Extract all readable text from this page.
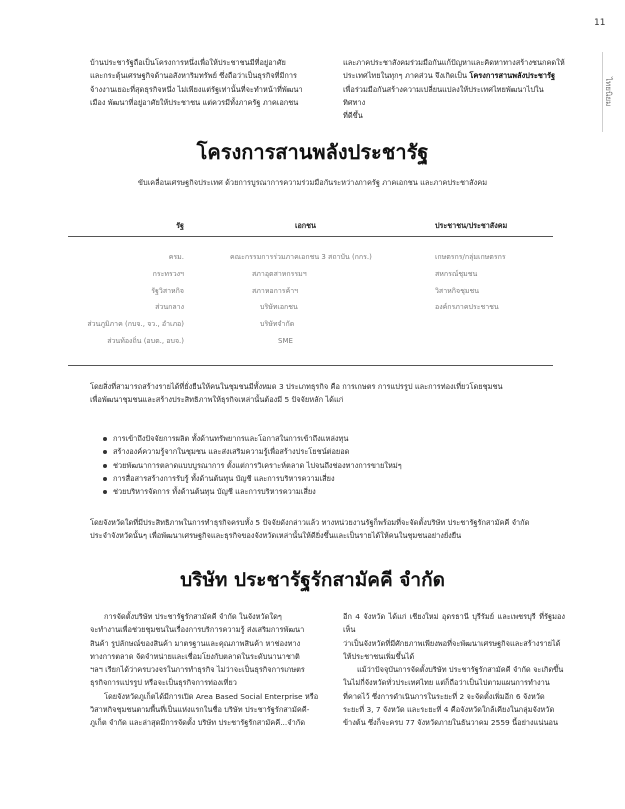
11
ไทยนิยม

บ้านประชารัฐถือเป็นโครงการหนึ่งเพื่อให้ประชาชนมีที่อยู่อาศัย
และกระตุ้นเศรษฐกิจด้านอสังหาริมทรัพย์ ซึ่งถือว่าเป็นธุรกิจที่มีการ
จ้างงานเยอะที่สุดธุรกิจหนึ่ง ไม่เพียงแต่รัฐเท่านั้นที่จะทำหน้าที่พัฒนา
เมือง พัฒนาที่อยู่อาศัยให้ประชาชน แต่ควรมีทั้งภาครัฐ ภาคเอกชน

และภาคประชาสังคมร่วมมือกันแก้ปัญหาและคิดหาทางสร้างชนกคดให้
ประเทศไทยในทุกๆ ภาคส่วน จึงเกิดเป็น โครงการสานพลังประชารัฐ
เพื่อร่วมมือกันสร้างความเปลี่ยนแปลงให้ประเทศไทยพัฒนาไปในทิศทาง
ที่ดีขึ้น

โครงการสานพลังประชารัฐ
ขับเคลื่อนเศรษฐกิจประเทศ ด้วยการบูรณาการความร่วมมือกันระหว่างภาครัฐ ภาคเอกชน และภาคประชาสังคม
รัฐ	เอกชน	ประชาชน/ประชาสังคม
ครม.
กระทรวงฯ
รัฐวิสาหกิจ
ส่วนกลาง
ส่วนภูมิภาค (กบจ., จว., อำเภอ)
ส่วนท้องถิ่น (อบต., อบจ.)
คณะกรรมการร่วมภาคเอกชน 3 สถาบัน (กกร.)
สภาอุตสาหกรรมฯ
สภาหอการค้าฯ
บริษัทเอกชน
บริษัทจำกัด
SME
เกษตรกร/กลุ่มเกษตรกร
สหกรณ์ชุมชน
วิสาหกิจชุมชน
องค์กรภาคประชาชน

โดยสิ่งที่สามารถสร้างรายได้ที่ยั่งยืนให้คนในชุมชนมีทั้งหมด 3 ประเภทธุรกิจ คือ การเกษตร การแปรรูป และการท่องเที่ยวโดยชุมชน
เพื่อพัฒนาชุมชนและสร้างประสิทธิภาพให้ธุรกิจเหล่านั้นต้องมี 5 ปัจจัยหลัก ได้แก่

การเข้าถึงปัจจัยการผลิต ทั้งด้านทรัพยากรและโอกาสในการเข้าถึงแหล่งทุน
สร้างองค์ความรู้จากในชุมชน และส่งเสริมความรู้เพื่อสร้างประโยชน์ต่อยอด
ช่วยพัฒนาการตลาดแบบบูรณาการ ตั้งแต่การวิเคราะห์ตลาด ไปจนถึงช่องทางการขายใหม่ๆ
การสื่อสารสร้างการรับรู้ ทั้งด้านต้นทุน บัญชี และการบริหารความเสี่ยง
ช่วยบริหารจัดการ ทั้งด้านต้นทุน บัญชี และการบริหารความเสี่ยง

โดยจังหวัดใดที่มีประสิทธิภาพในการทำธุรกิจครบทั้ง 5 ปัจจัยดังกล่าวแล้ว ทางหน่วยงานรัฐก็พร้อมที่จะจัดตั้งบริษัท ประชารัฐรักสามัคคี จำกัด
ประจำจังหวัดนั้นๆ เพื่อพัฒนาเศรษฐกิจและธุรกิจของจังหวัดเหล่านั้นให้ดียิ่งขึ้นและเป็นรายได้ให้คนในชุมชนอย่างยั่งยืน

บริษัท ประชารัฐรักสามัคคี จำกัด

การจัดตั้งบริษัท ประชารัฐรักสามัคคี จำกัด ในจังหวัดใดๆ
จะทำงานเพื่อช่วยชุมชนในเรื่องการบริการความรู้ ส่งเสริมการพัฒนา
สินค้า รูปลักษณ์ของสินค้า มาตรฐานและคุณภาพสินค้า หาช่องทาง
ทางการตลาด จัดจำหน่ายและเชื่อมโยงกับตลาดในระดับนานาชาติ
ฯลฯ เรียกได้ว่าครบวงจรในการทำธุรกิจ ไม่ว่าจะเป็นธุรกิจการเกษตร
ธุรกิจการแปรรูป หรือจะเป็นธุรกิจการท่องเที่ยว
โดยจังหวัดภูเก็ตได้มีการเปิด Area Based Social Enterprise หรือ
วิสาหกิจชุมชนตามพื้นที่เป็นแห่งแรกในชื่อ บริษัท ประชารัฐรักสามัคคี-
ภูเก็ต จำกัด และล่าสุดมีการจัดตั้ง บริษัท ประชารัฐรักสามัคคี...จำกัด

อีก 4 จังหวัด ได้แก่ เชียงใหม่ อุดรธานี บุรีรัมย์ และเพชรบุรี ที่รัฐมองเห็น
ว่าเป็นจังหวัดที่มีศักยภาพเพียงพอที่จะพัฒนาเศรษฐกิจและสร้างรายได้
ให้ประชาชนเพิ่มขึ้นได้
แม้ว่าปัจจุบันการจัดตั้งบริษัท ประชารัฐรักสามัคคี จำกัด จะเกิดขึ้น
ในไม่กี่จังหวัดทั่วประเทศไทย แต่ก็ถือว่าเป็นไปตามแผนการทำงาน
ที่คาดไว้ ซึ่งการดำเนินการในระยะที่ 2 จะจัดตั้งเพิ่มอีก 6 จังหวัด
ระยะที่ 3, 7 จังหวัด และระยะที่ 4 คือจังหวัดใกล้เคียงในกลุ่มจังหวัด
ข้างต้น ซึ่งก็จะครบ 77 จังหวัดภายในธันวาคม 2559 นี้อย่างแน่นอน
